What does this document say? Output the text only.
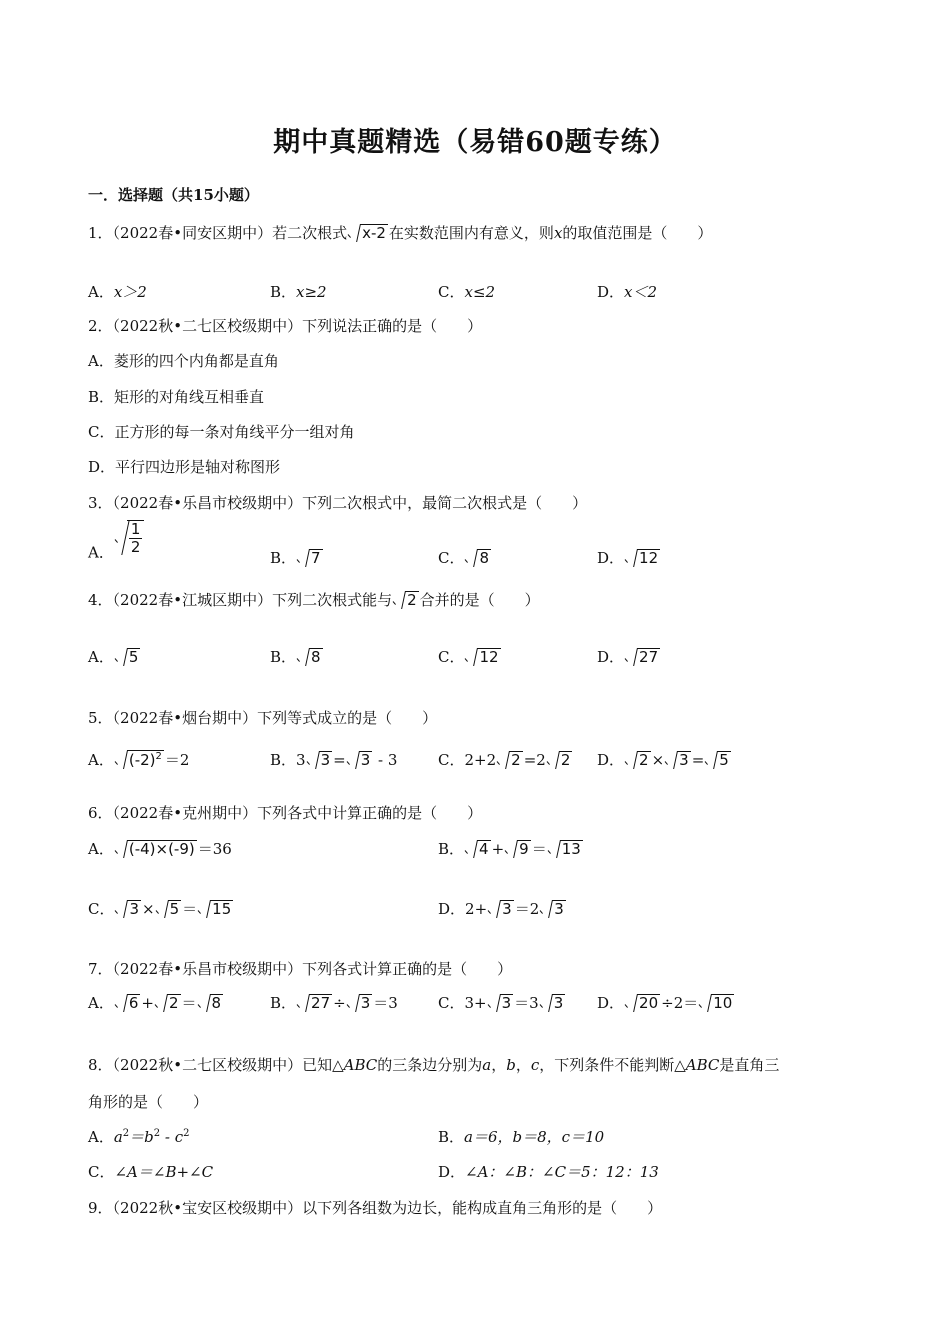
期中真题精选（易错60题专练）
一．选择题（共15小题）
1．（2022春•同安区期中）若二次根式 x-2 在实数范围内有意义，则x的取值范围是（　　）
A．x＞2	B．x≥2	C．x≤2	D．x＜2
2．（2022秋•二七区校级期中）下列说法正确的是（　　）
A．菱形的四个内角都是直角
B．矩形的对角线互相垂直
C．正方形的每一条对角线平分一组对角
D．平行四边形是轴对称图形
3．（2022春•乐昌市校级期中）下列二次根式中，最简二次根式是（　　）
A． $\frac{1}{2}$
B． 7	C． 8	D． 12
4．（2022春•江城区期中）下列二次根式能与 2 合并的是（　　）
A． 5	B． 8	C． 12	D． 27
5．（2022春•烟台期中）下列等式成立的是（　　）
A． $(-2)^2 =2$	B．3 3 = 3 - 3	C．2+2 2 =2 2 D． 2 × 3 = 5
6．（2022春•克州期中）下列各式中计算正确的是（　　）
A． (-4)×(-9) ＝36	B． 4 + 9 ＝ 13
C． 3 × 5 ＝ 15	D．2+ 3 ＝2 3
7．（2022春•乐昌市校级期中）下列各式计算正确的是（　　）
A． 6 + 2 ＝ 8	B． 27 ÷ 3 ＝3	C．3+ 3 ＝3 3 D． 20 ÷2＝ 10
8．（2022秋•二七区校级期中）已知△ABC的三条边分别为a，b，c，下列条件不能判断△ABC是直角三
角形的是（　　）
A．$a^2=b^2 - c^2$	B．a＝6，b＝8，c＝10
C．∠A＝∠B+∠C	D．∠A：∠B：∠C＝5：12：13
9．（2022秋•宝安区校级期中）以下列各组数为边长，能构成直角三角形的是（　　）
